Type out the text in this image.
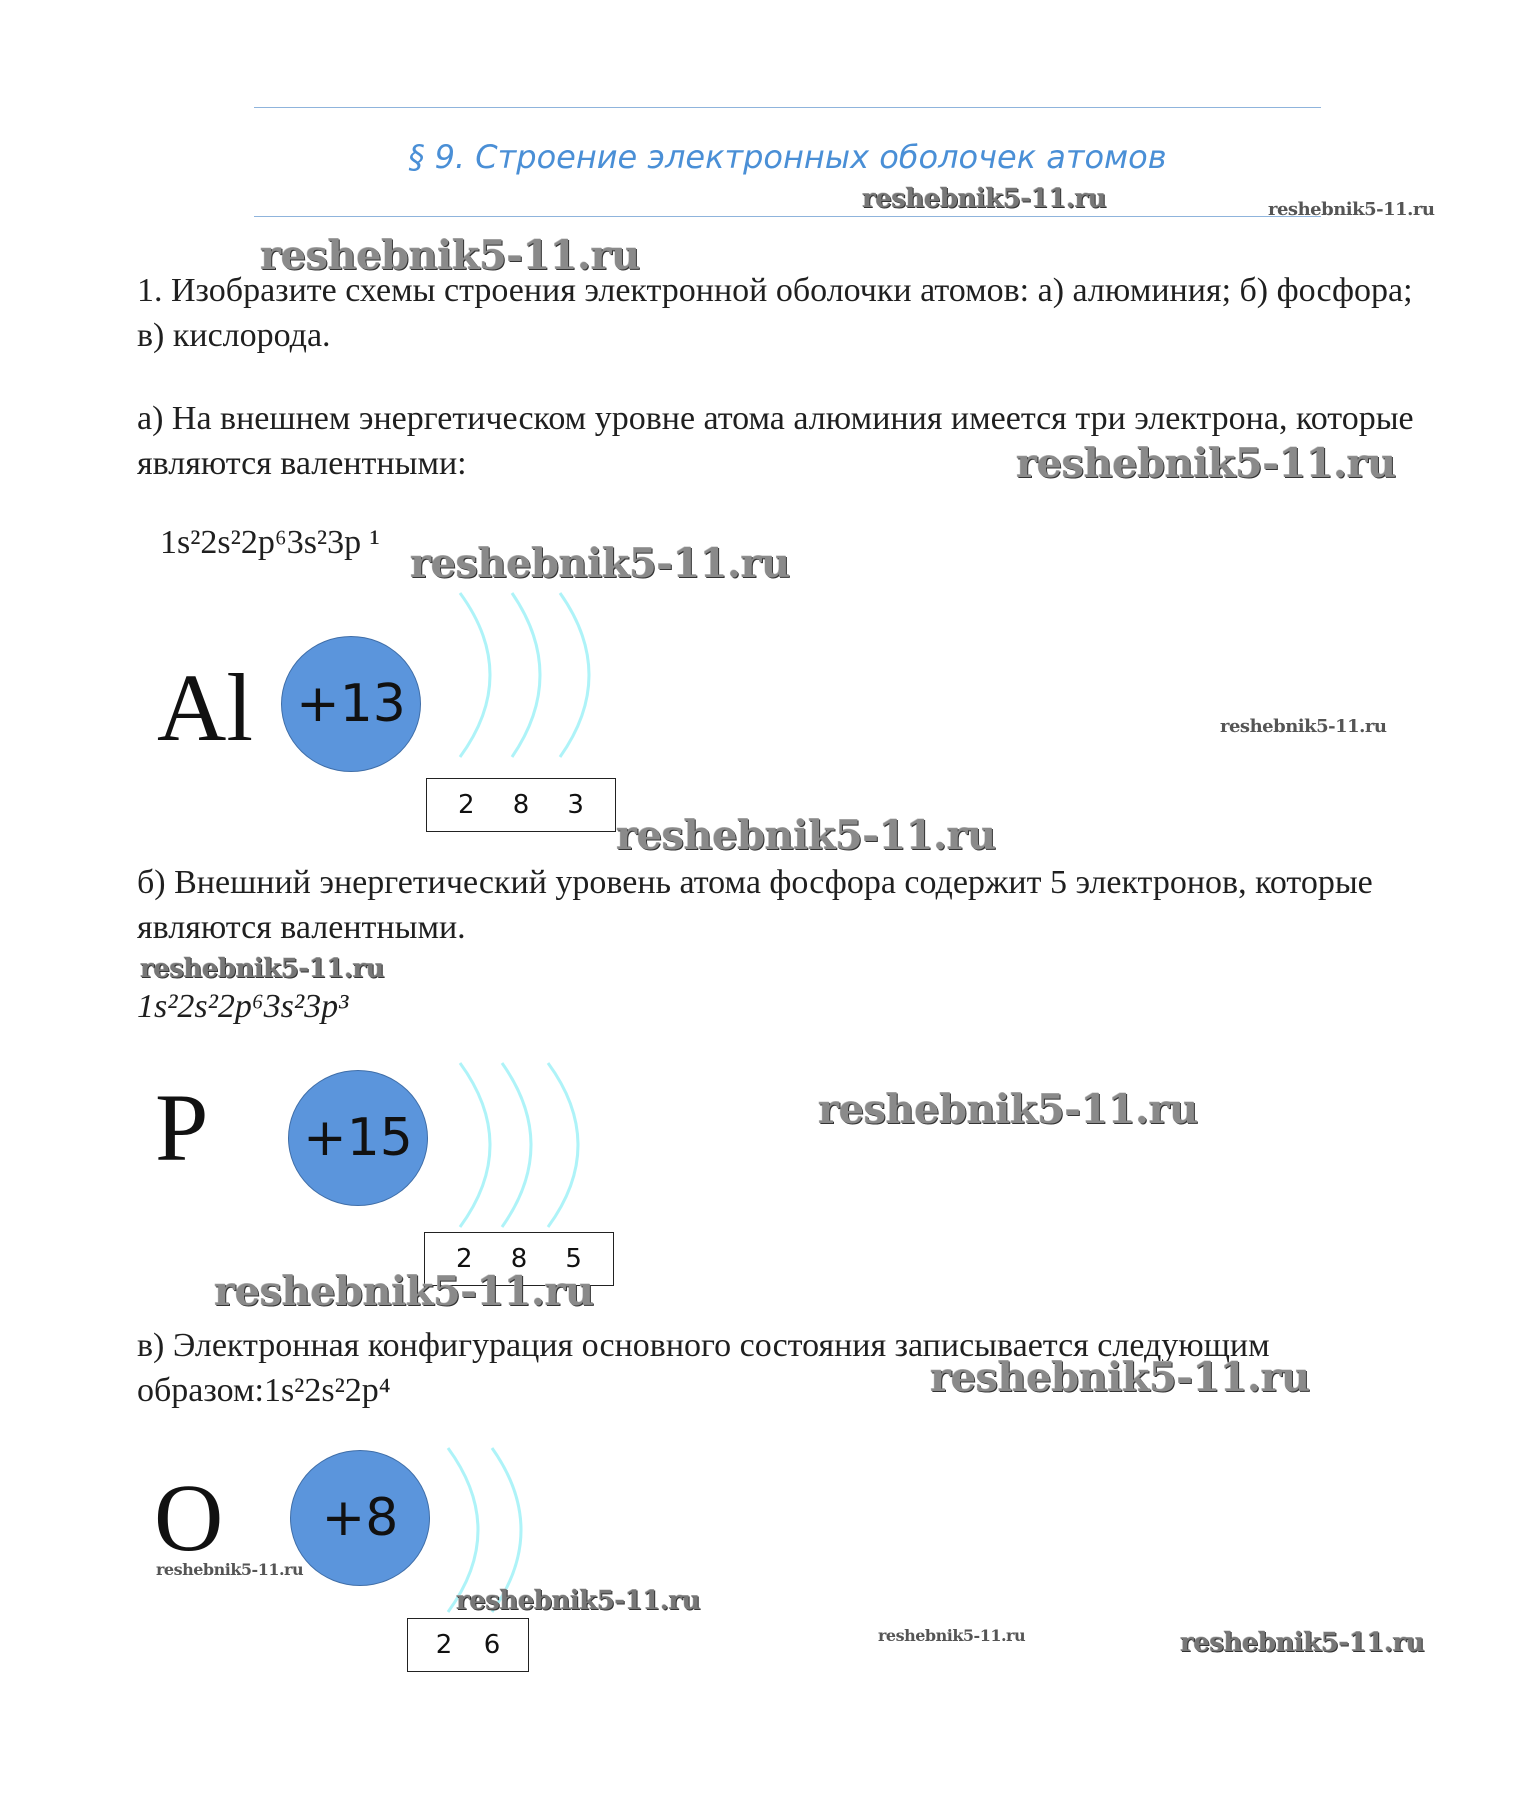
§ 9. Строение электронных оболочек атомов
reshebnik5-11.ru	reshebnik5-11.ru
reshebnik5-11.ru
1. Изобразите схемы строения электронной оболочки атомов: а) алюминия; б) фосфора; в) кислорода.
а) На внешнем энергетическом уровне атома алюминия имеется три электрона, которые являются валентными:	reshebnik5-11.ru
1s²2s²2p⁶3s²3p ¹ reshebnik5-11.ru
Al +13	reshebnik5-11.ru
2 8 3
reshebnik5-11.ru
б) Внешний энергетический уровень атома фосфора содержит 5 электронов, которые являются валентными.
reshebnik5-11.ru
1s²2s²2p⁶3s²3p³
P +15	reshebnik5-11.ru
2 8 5
reshebnik5-11.ru
в) Электронная конфигурация основного состояния записывается следующим образом:1s²2s²2p⁴	reshebnik5-11.ru
O
reshebnik5-11.ru
+8
reshebnik5-11.ru
2 6	reshebnik5-11.ru	reshebnik5-11.ru
